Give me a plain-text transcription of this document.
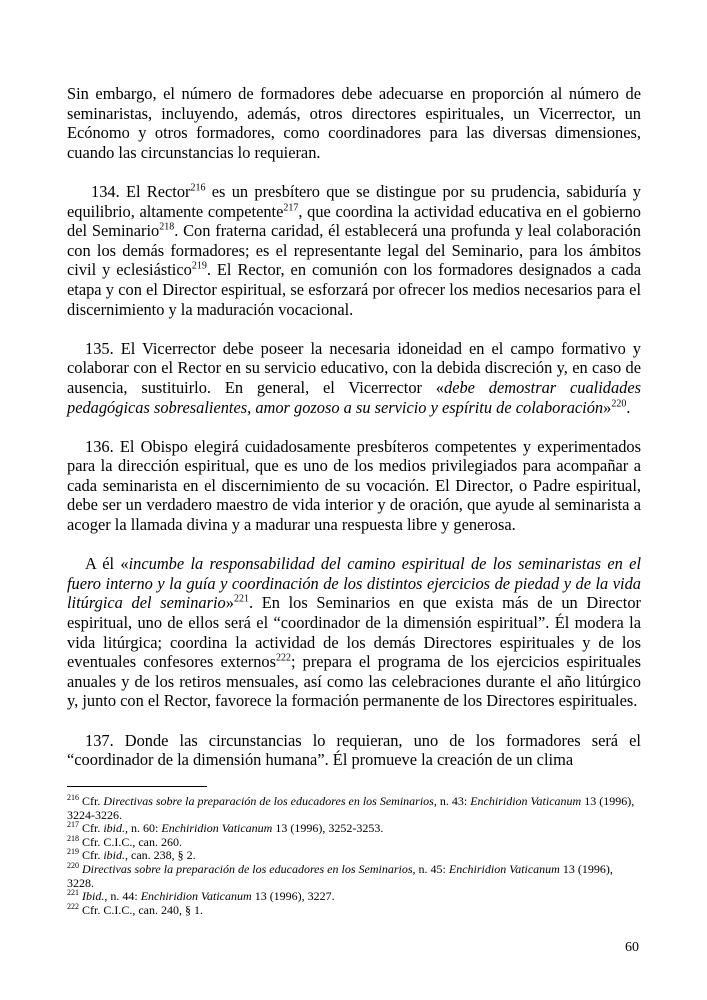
Sin embargo, el número de formadores debe adecuarse en proporción al número de seminaristas, incluyendo, además, otros directores espirituales, un Vicerrector, un Ecónomo y otros formadores, como coordinadores para las diversas dimensiones, cuando las circunstancias lo requieran.

134. El Rector$^{216}$ es un presbítero que se distingue por su prudencia, sabiduría y equilibrio, altamente competente$^{217}$, que coordina la actividad educativa en el gobierno del Seminario$^{218}$. Con fraterna caridad, él establecerá una profunda y leal colaboración con los demás formadores; es el representante legal del Seminario, para los ámbitos civil y eclesiástico$^{219}$. El Rector, en comunión con los formadores designados a cada etapa y con el Director espiritual, se esforzará por ofrecer los medios necesarios para el discernimiento y la maduración vocacional.

135. El Vicerrector debe poseer la necesaria idoneidad en el campo formativo y colaborar con el Rector en su servicio educativo, con la debida discreción y, en caso de ausencia, sustituirlo. En general, el Vicerrector «debe demostrar cualidades pedagógicas sobresalientes, amor gozoso a su servicio y espíritu de colaboración»$^{220}$.

136. El Obispo elegirá cuidadosamente presbíteros competentes y experimentados para la dirección espiritual, que es uno de los medios privilegiados para acompañar a cada seminarista en el discernimiento de su vocación. El Director, o Padre espiritual, debe ser un verdadero maestro de vida interior y de oración, que ayude al seminarista a acoger la llamada divina y a madurar una respuesta libre y generosa.

A él «incumbe la responsabilidad del camino espiritual de los seminaristas en el fuero interno y la guía y coordinación de los distintos ejercicios de piedad y de la vida litúrgica del seminario»$^{221}$. En los Seminarios en que exista más de un Director espiritual, uno de ellos será el “coordinador de la dimensión espiritual”. Él modera la vida litúrgica; coordina la actividad de los demás Directores espirituales y de los eventuales confesores externos$^{222}$; prepara el programa de los ejercicios espirituales anuales y de los retiros mensuales, así como las celebraciones durante el año litúrgico y, junto con el Rector, favorece la formación permanente de los Directores espirituales.

137. Donde las circunstancias lo requieran, uno de los formadores será el “coordinador de la dimensión humana”. Él promueve la creación de un clima

$^{216}$ Cfr. Directivas sobre la preparación de los educadores en los Seminarios, n. 43: Enchiridion Vaticanum 13 (1996), 3224-3226.

$^{217}$ Cfr. ibid., n. 60: Enchiridion Vaticanum 13 (1996), 3252-3253.

$^{218}$ Cfr. C.I.C., can. 260.

$^{219}$ Cfr. ibid., can. 238, § 2.

$^{220}$ Directivas sobre la preparación de los educadores en los Seminarios, n. 45: Enchiridion Vaticanum 13 (1996), 3228.

$^{221}$ Ibid., n. 44: Enchiridion Vaticanum 13 (1996), 3227.

$^{222}$ Cfr. C.I.C., can. 240, § 1.

60
